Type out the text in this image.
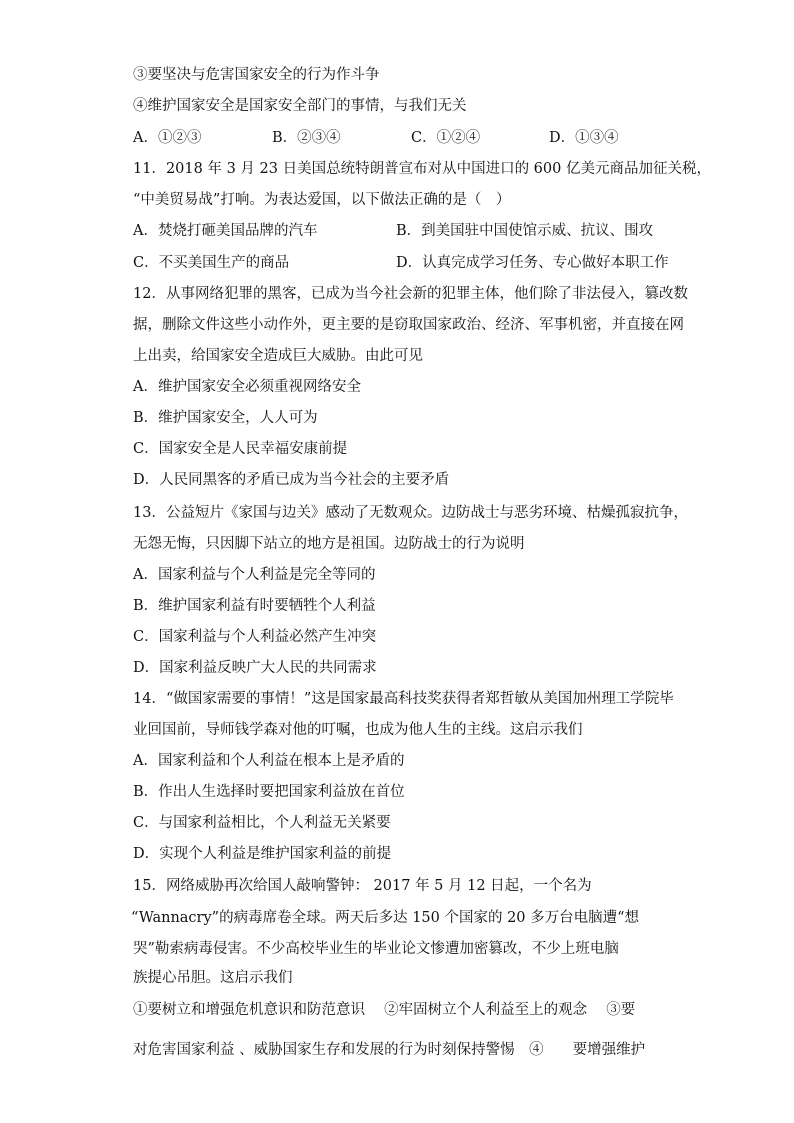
③要坚决与危害国家安全的行为作斗争
④维护国家安全是国家安全部门的事情，与我们无关
A．①②③	B．②③④	C．①②④	D．①③④
11．2018 年 3 月 23 日美国总统特朗普宣布对从中国进口的 600 亿美元商品加征关税，
“中美贸易战”打响。为表达爱国，以下做法正确的是（　）
A．焚烧打砸美国品牌的汽车	B．到美国驻中国使馆示威、抗议、围攻
C．不买美国生产的商品	D．认真完成学习任务、专心做好本职工作
12．从事网络犯罪的黑客，已成为当今社会新的犯罪主体，他们除了非法侵入，篡改数
据，删除文件这些小动作外，更主要的是窃取国家政治、经济、军事机密，并直接在网
上出卖，给国家安全造成巨大威胁。由此可见
A．维护国家安全必须重视网络安全
B．维护国家安全，人人可为
C．国家安全是人民幸福安康前提
D．人民同黑客的矛盾已成为当今社会的主要矛盾
13．公益短片《家国与边关》感动了无数观众。边防战士与恶劣环境、枯燥孤寂抗争，
无怨无悔，只因脚下站立的地方是祖国。边防战士的行为说明
A．国家利益与个人利益是完全等同的
B．维护国家利益有时要牺牲个人利益
C．国家利益与个人利益必然产生冲突
D．国家利益反映广大人民的共同需求
14．“做国家需要的事情！”这是国家最高科技奖获得者郑哲敏从美国加州理工学院毕
业回国前，导师钱学森对他的叮嘱，也成为他人生的主线。这启示我们
A．国家利益和个人利益在根本上是矛盾的
B．作出人生选择时要把国家利益放在首位
C．与国家利益相比，个人利益无关紧要
D．实现个人利益是维护国家利益的前提
15．网络威胁再次给国人敲响警钟： 2017 年 5 月 12 日起，一个名为
“Wannacry”的病毒席卷全球。两天后多达 150 个国家的 20 多万台电脑遭“想
哭”勒索病毒侵害。不少高校毕业生的毕业论文惨遭加密篡改，不少上班电脑
族提心吊胆。这启示我们
①要树立和增强危机意识和防范意识　 ②牢固树立个人利益至上的观念　 ③要
对危害国家利益 、威胁国家生存和发展的行为时刻保持警惕　④　　要增强维护
